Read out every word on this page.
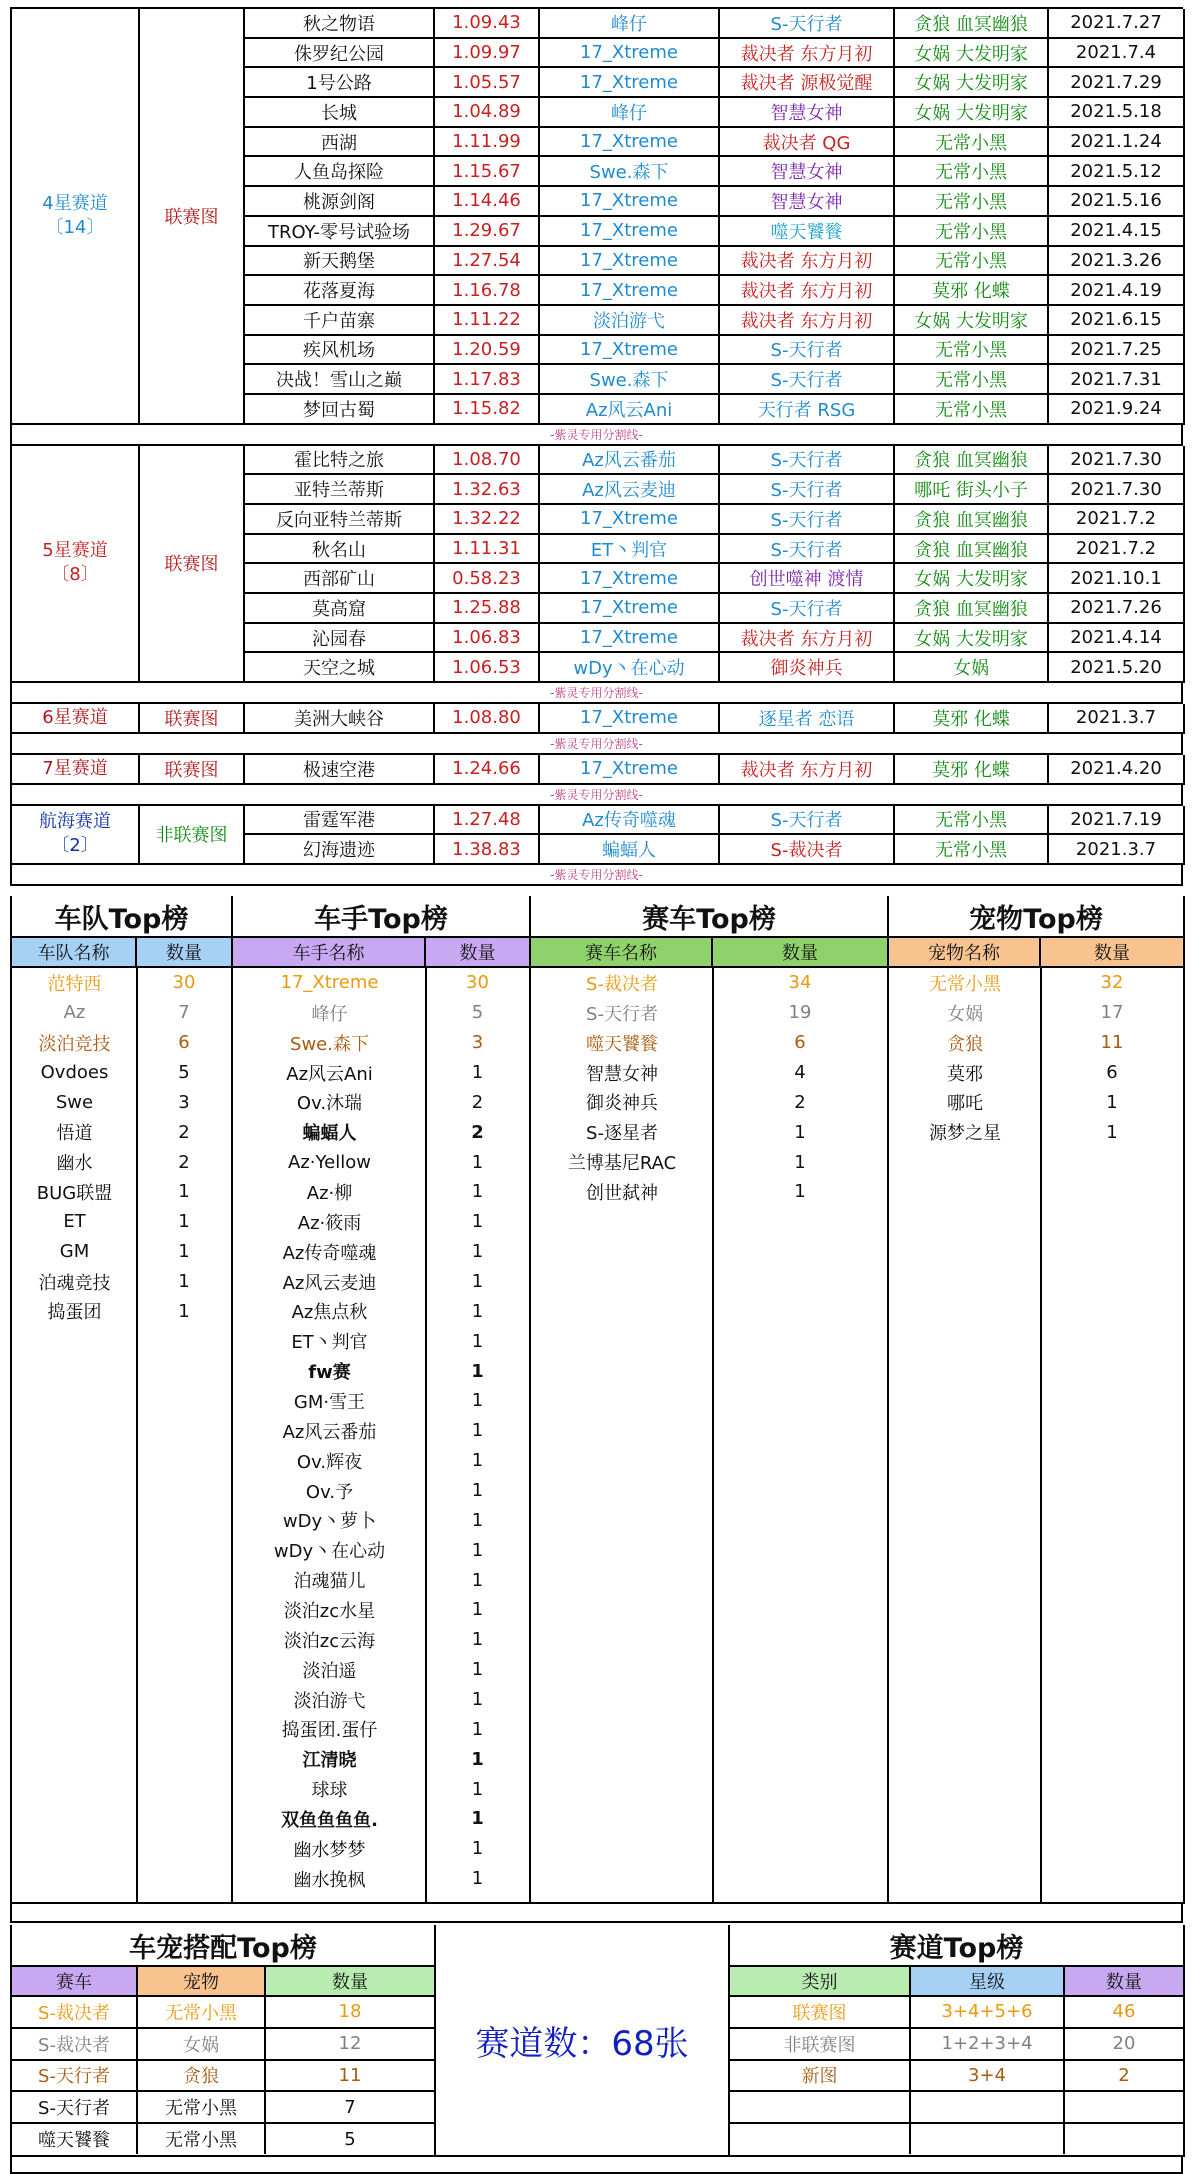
4星赛道
〔14〕	联赛图
秋之物语	1.09.43	峰仔	S-天行者	贪狼 血冥幽狼	2021.7.27
侏罗纪公园	1.09.97	17_Xtreme	裁决者 东方月初	女娲 大发明家	2021.7.4
1号公路	1.05.57	17_Xtreme	裁决者 源极觉醒	女娲 大发明家	2021.7.29
长城	1.04.89	峰仔	智慧女神	女娲 大发明家	2021.5.18
西湖	1.11.99	17_Xtreme	裁决者 QG	无常小黑	2021.1.24
人鱼岛探险	1.15.67	Swe.森下	智慧女神	无常小黑	2021.5.12
桃源剑阁	1.14.46	17_Xtreme	智慧女神	无常小黑	2021.5.16
TROY-零号试验场	1.29.67	17_Xtreme	噬天饕餮	无常小黑	2021.4.15
新天鹅堡	1.27.54	17_Xtreme	裁决者 东方月初	无常小黑	2021.3.26
花落夏海	1.16.78	17_Xtreme	裁决者 东方月初	莫邪 化蝶	2021.4.19
千户苗寨	1.11.22	淡泊游弋	裁决者 东方月初	女娲 大发明家	2021.6.15
疾风机场	1.20.59	17_Xtreme	S-天行者	无常小黑	2021.7.25
决战！雪山之巅	1.17.83	Swe.森下	S-天行者	无常小黑	2021.7.31
梦回古蜀	1.15.82	Az风云Ani	天行者 RSG	无常小黑	2021.9.24
-紫灵专用分割线-
5星赛道
〔8〕	联赛图
霍比特之旅	1.08.70	Az风云番茄	S-天行者	贪狼 血冥幽狼	2021.7.30
亚特兰蒂斯	1.32.63	Az风云麦迪	S-天行者	哪吒 街头小子	2021.7.30
反向亚特兰蒂斯	1.32.22	17_Xtreme	S-天行者	贪狼 血冥幽狼	2021.7.2
秋名山	1.11.31	ET丶判官	S-天行者	贪狼 血冥幽狼	2021.7.2
西部矿山	0.58.23	17_Xtreme	创世噬神 渡情	女娲 大发明家	2021.10.1
莫高窟	1.25.88	17_Xtreme	S-天行者	贪狼 血冥幽狼	2021.7.26
沁园春	1.06.83	17_Xtreme	裁决者 东方月初	女娲 大发明家	2021.4.14
天空之城	1.06.53	wDy丶在心动	御炎神兵	女娲	2021.5.20
-紫灵专用分割线-
6星赛道	联赛图	美洲大峡谷	1.08.80	17_Xtreme	逐星者 恋语	莫邪 化蝶	2021.3.7
-紫灵专用分割线-
7星赛道	联赛图	极速空港	1.24.66	17_Xtreme	裁决者 东方月初	莫邪 化蝶	2021.4.20
-紫灵专用分割线-
航海赛道
〔2〕	非联赛图
雷霆军港	1.27.48	Az传奇噬魂	S-天行者	无常小黑	2021.7.19
幻海遗迹	1.38.83	蝙蝠人	S-裁决者	无常小黑	2021.3.7
-紫灵专用分割线-
车队Top榜
车队名称	数量
范特西	30
Az	7
淡泊竞技	6
Ovdoes	5
Swe	3
悟道	2
幽水	2
BUG联盟	1
ET	1
GM	1
泊魂竞技	1
捣蛋团	1
车手Top榜
车手名称	数量
17_Xtreme	30
峰仔	5
Swe.森下	3
Az风云Ani	1
Ov.沐瑞	2
蝙蝠人	2
Az·Yellow	1
Az·柳	1
Az·筱雨	1
Az传奇噬魂	1
Az风云麦迪	1
Az焦点秋	1
ET丶判官	1
fw赛	1
GM·雪王	1
Az风云番茄	1
Ov.辉夜	1
Ov.予	1
wDy丶萝卜	1
wDy丶在心动	1
泊魂猫儿	1
淡泊zc水星	1
淡泊zc云海	1
淡泊遥	1
淡泊游弋	1
捣蛋团.蛋仔	1
江清晓	1
球球	1
双鱼鱼鱼鱼.	1
幽水梦梦	1
幽水挽枫	1
赛车Top榜
赛车名称	数量
S-裁决者	34
S-天行者	19
噬天饕餮	6
智慧女神	4
御炎神兵	2
S-逐星者	1
兰博基尼RAC	1
创世弑神	1
宠物Top榜
宠物名称	数量
无常小黑	32
女娲	17
贪狼	11
莫邪	6
哪吒	1
源梦之星	1
车宠搭配Top榜
赛车	宠物	数量
S-裁决者	无常小黑	18
S-裁决者	女娲	12
S-天行者	贪狼	11
S-天行者	无常小黑	7
噬天饕餮	无常小黑	5
赛道数：68张
赛道Top榜
类别	星级	数量
联赛图	3+4+5+6	46
非联赛图	1+2+3+4	20
新图	3+4	2
